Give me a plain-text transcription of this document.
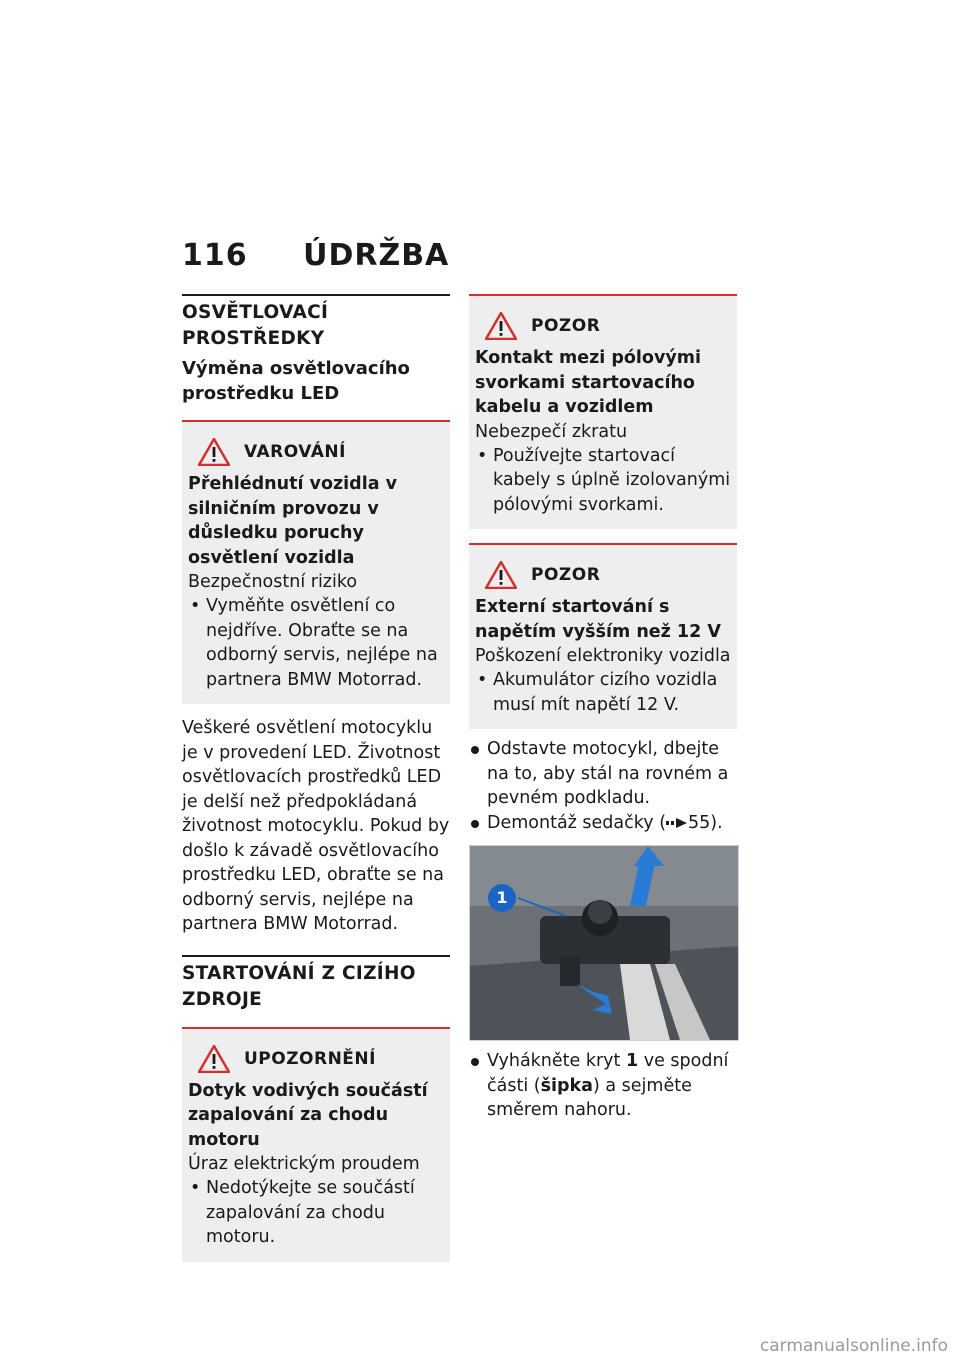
116 ÚDRŽBA
OSVĚTLOVACÍ PROSTŘEDKY
Výměna osvětlovacího prostředku LED
VAROVÁNÍ
Přehlédnutí vozidla v silničním provozu v důsledku poruchy osvětlení vozidla
Bezpečnostní riziko
• Vyměňte osvětlení co nejdříve. Obraťte se na odborný servis, nejlépe na partnera BMW Motorrad.
Veškeré osvětlení motocyklu je v provedení LED. Životnost osvětlovacích prostředků LED je delší než předpokládaná životnost motocyklu. Pokud by došlo k závadě osvětlovacího prostředku LED, obraťte se na odborný servis, nejlépe na partnera BMW Motorrad.
STARTOVÁNÍ Z CIZÍHO ZDROJE
UPOZORNĚNÍ
Dotyk vodivých součástí zapalování za chodu motoru
Úraz elektrickým proudem
• Nedotýkejte se součástí zapalování za chodu motoru.
POZOR
Kontakt mezi pólovými svorkami startovacího kabelu a vozidlem
Nebezpečí zkratu
• Používejte startovací kabely s úplně izolovanými pólovými svorkami.
POZOR
Externí startování s napětím vyšším než 12 V
Poškození elektroniky vozidla
• Akumulátor cizího vozidla musí mít napětí 12 V.
Odstavte motocykl, dbejte na to, aby stál na rovném a pevném podkladu.
Demontáž sedačky ( 55).
1
Vyhákněte kryt 1 ve spodní části (šipka) a sejměte směrem nahoru.
carmanualsonline.info
